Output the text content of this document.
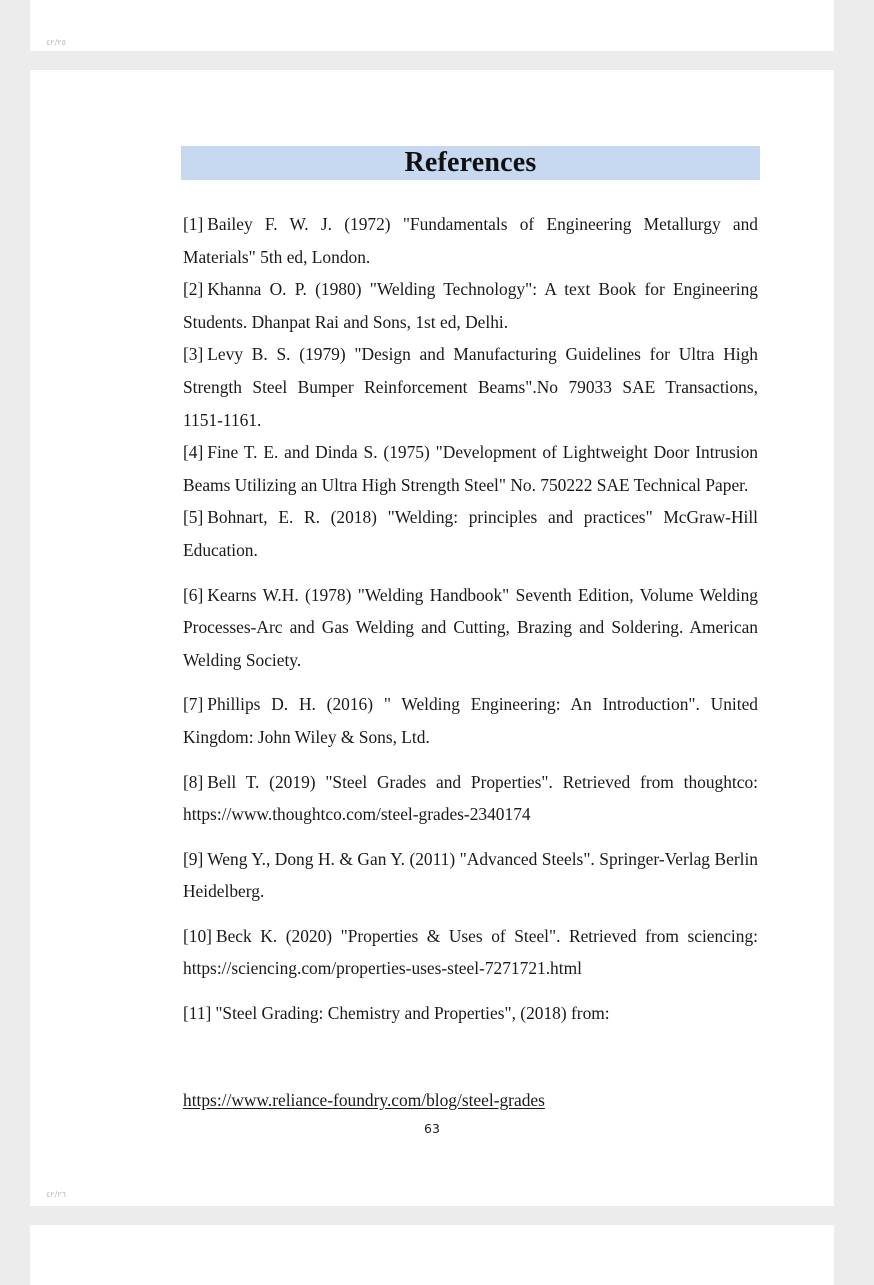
٤٢/٢٥
References

[1] Bailey F. W. J. (1972) "Fundamentals of Engineering Metallurgy and Materials" 5th ed, London.

[2] Khanna O. P. (1980) "Welding Technology": A text Book for Engineering Students. Dhanpat Rai and Sons, 1st ed, Delhi.

[3] Levy B. S. (1979) "Design and Manufacturing Guidelines for Ultra High Strength Steel Bumper Reinforcement Beams".No 79033 SAE Transactions, 1151-1161.

[4] Fine T. E. and Dinda S. (1975) "Development of Lightweight Door Intrusion Beams Utilizing an Ultra High Strength Steel" No. 750222 SAE Technical Paper.

[5] Bohnart, E. R. (2018) "Welding: principles and practices" McGraw-Hill Education.

[6] Kearns W.H. (1978) "Welding Handbook" Seventh Edition, Volume Welding Processes-Arc and Gas Welding and Cutting, Brazing and Soldering. American Welding Society.

[7] Phillips D. H. (2016) " Welding Engineering: An Introduction". United Kingdom: John Wiley & Sons, Ltd.

[8] Bell T. (2019) "Steel Grades and Properties". Retrieved from thoughtco: https://www.thoughtco.com/steel-grades-2340174

[9] Weng Y., Dong H. & Gan Y. (2011) "Advanced Steels". Springer-Verlag Berlin Heidelberg.

[10] Beck K. (2020) "Properties & Uses of Steel". Retrieved from sciencing: https://sciencing.com/properties-uses-steel-7271721.html

[11] "Steel Grading: Chemistry and Properties", (2018) from:

https://www.reliance-foundry.com/blog/steel-grades
63
٤٢/٢٦
